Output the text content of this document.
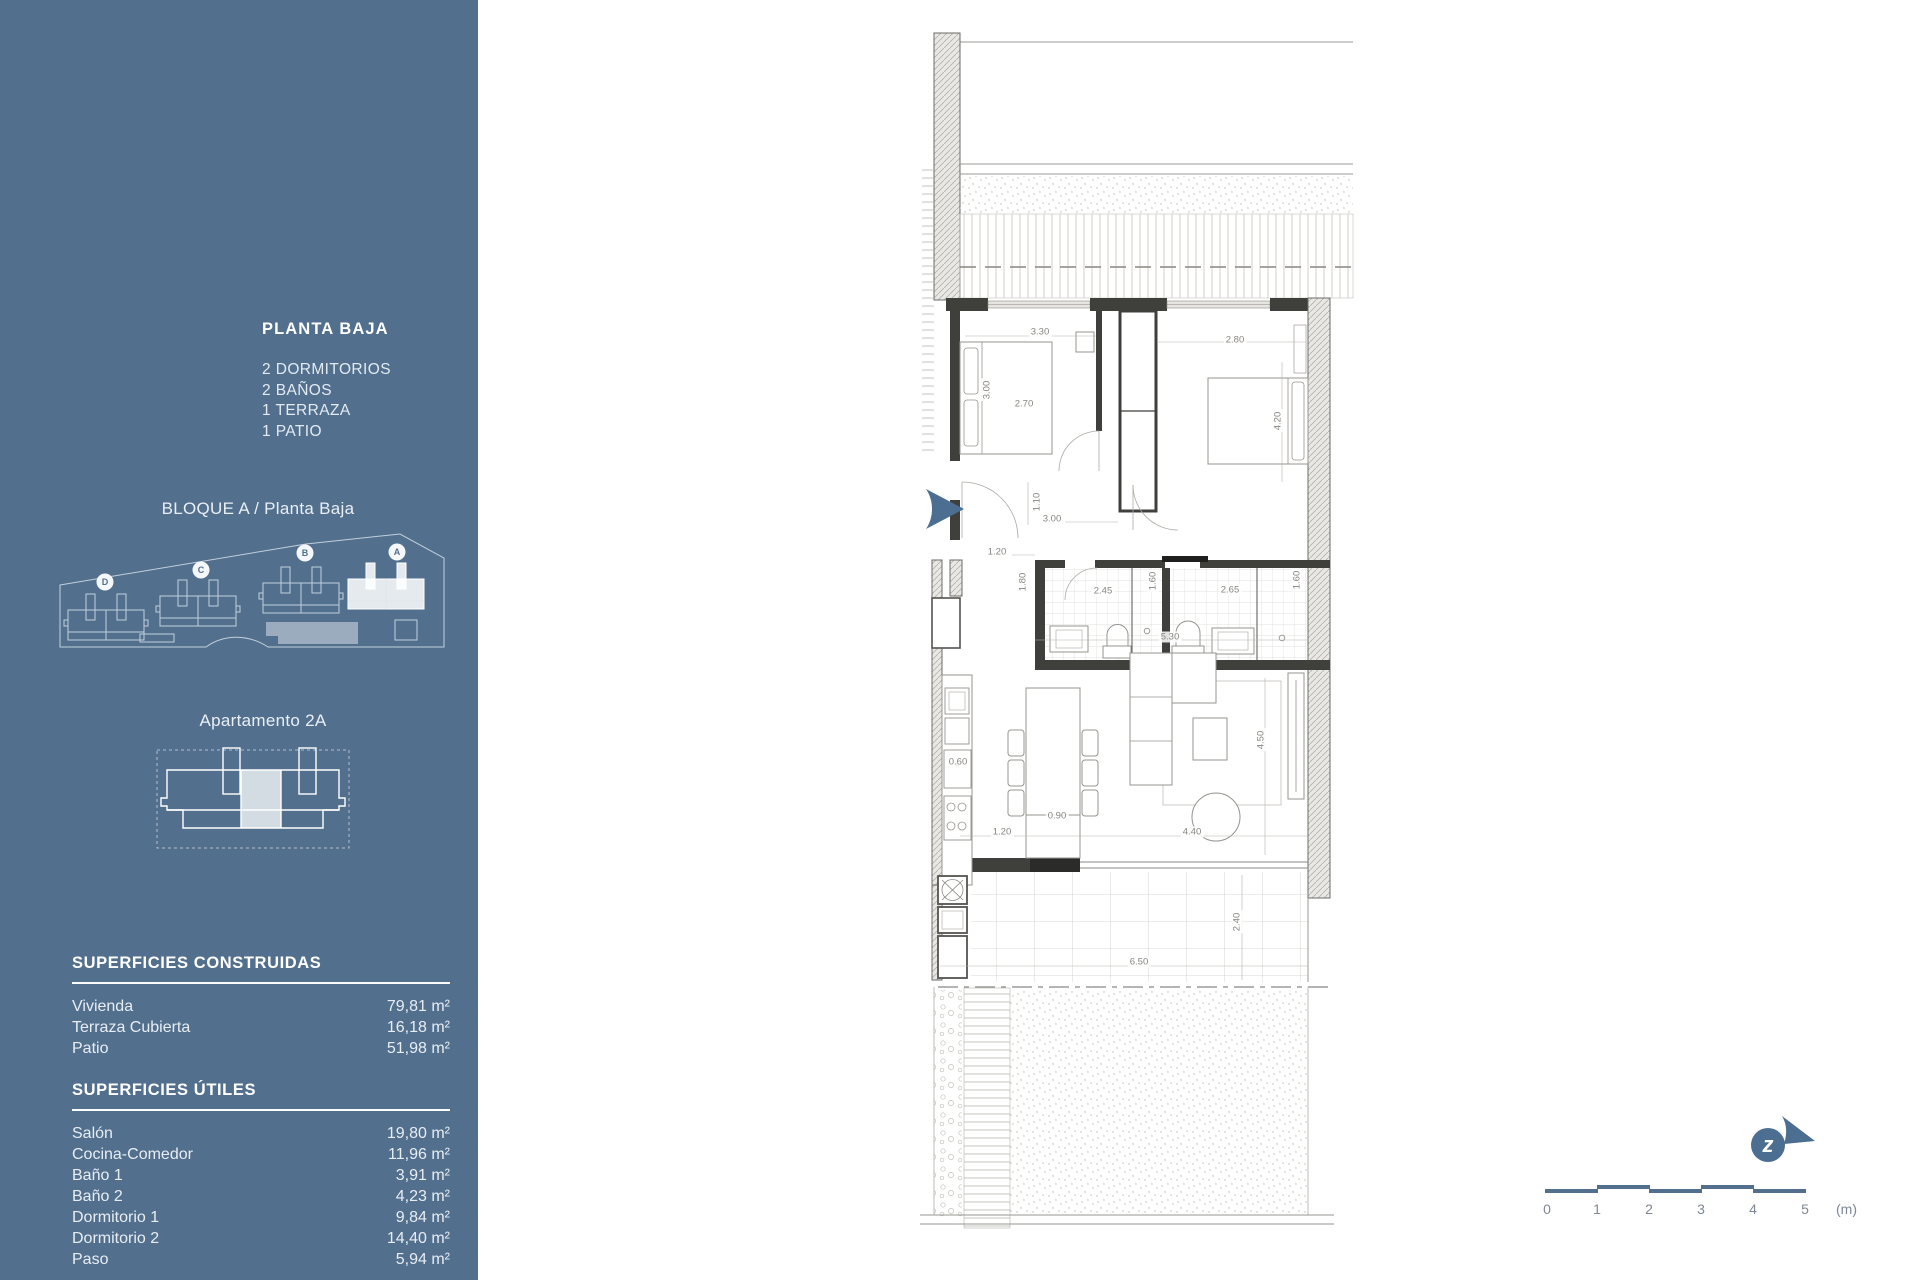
PLANTA BAJA
2 DORMITORIOS
2 BAÑOS
1 TERRAZA
1 PATIO
BLOQUE A / Planta Baja
D
C
B	A
Apartamento 2A
SUPERFICIES CONSTRUIDAS
Vivienda	79,81 m²
Terraza Cubierta	16,18 m²
Patio	51,98 m²
SUPERFICIES ÚTILES
Salón	19,80 m²
Cocina-Comedor	11,96 m²
Baño 1	3,91 m²
Baño 2	4,23 m²
Dormitorio 1	9,84 m²
Dormitorio 2	14,40 m²
Paso	5,94 m²
3.30
2.80
3.00
2.70
4.20
1.10
3.00
1.20
1.80	2.45
1.60	2.65
1.60
5.30
0.60
0.90
1.20	4.40
4.50
2.40
6.50
0	1	2	3	4	5 (m)
z
